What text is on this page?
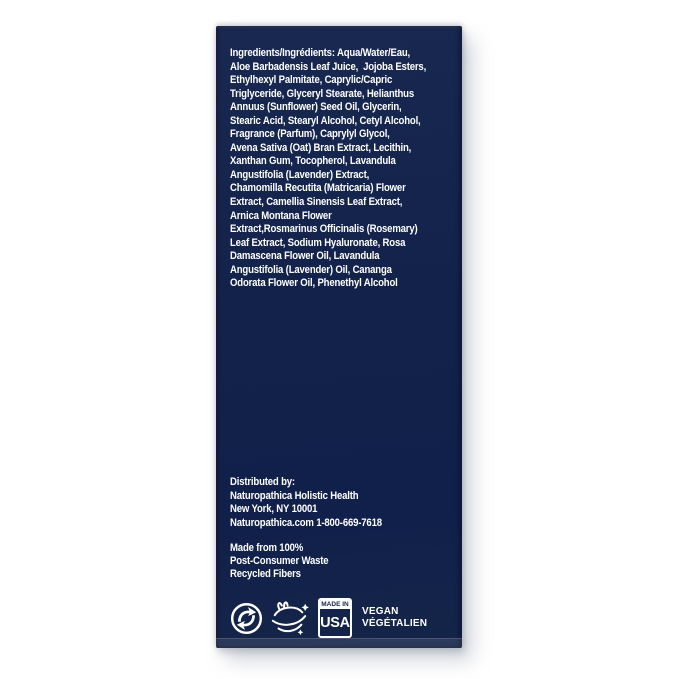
Ingredients/Ingrédients: Aqua/Water/Eau,
Aloe Barbadensis Leaf Juice,  Jojoba Esters,
Ethylhexyl Palmitate, Caprylic/Capric
Triglyceride, Glyceryl Stearate, Helianthus
Annuus (Sunflower) Seed Oil, Glycerin,
Stearic Acid, Stearyl Alcohol, Cetyl Alcohol,
Fragrance (Parfum), Caprylyl Glycol,
Avena Sativa (Oat) Bran Extract, Lecithin,
Xanthan Gum, Tocopherol, Lavandula
Angustifolia (Lavender) Extract,
Chamomilla Recutita (Matricaria) Flower
Extract, Camellia Sinensis Leaf Extract,
Arnica Montana Flower
Extract,Rosmarinus Officinalis (Rosemary)
Leaf Extract, Sodium Hyaluronate, Rosa
Damascena Flower Oil, Lavandula
Angustifolia (Lavender) Oil, Cananga
Odorata Flower Oil, Phenethyl Alcohol
Distributed by:
Naturopathica Holistic Health
New York, NY 10001
Naturopathica.com 1-800-669-7618
Made from 100%
Post-Consumer Waste
Recycled Fibers
MADE IN
USA
VEGAN
VÉGÉTALIEN
